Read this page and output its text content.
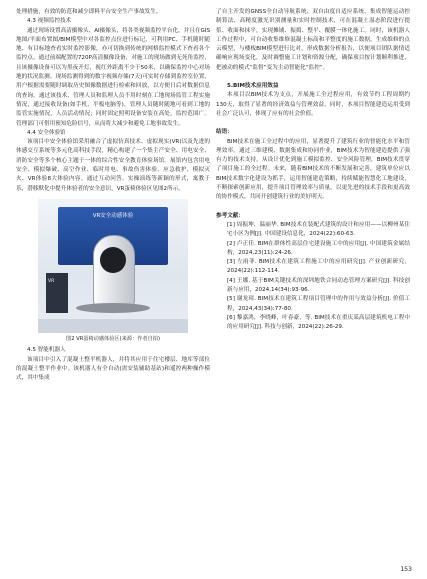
处理措施，有效的防范和减少即料平台安全生产事故发生。

4.3 视频监控技术

通过现场设置高清摄像头、AI摄像头，将各类视频监控平台化，并且在GIS地图/平面布置图/BIM模型中对各监控点位进行标记，可利用PC、手机随时随地、有目标地查看实时监控影像，亦可切换到传统的网格监控模式下查看各个监控点。通过前端配置的720P高清摄像设备，对施工的现场做到无死角监控，且该摄像设备可以为黑夜开灯，视红外距离不少于50米，以确保监控中心对场地的状况监测。现场监测得到的数字视频存储(7天)可实时存储到监控室位置，用户根据需要随时调取历史图像数据进行检索和回放，以方便日后对数据信息的查询。通过该技术，管理人员和监理人员不用时刻在工地现场监管工程实施情况，通过接收设备(如手机、平板电脑等)，管理人员随时随地可看到工地的监管实施情况，人员活动情况；同时固定照明设备安装在高处，监控范围广。管理部门可借用预知危险信号，从而将大减少和避免工地事故发生。

4.4 安全体验馆

该项目中安全体验馆采用融合了虚拟仿真技术、虚拟现实(VR)以及先进的体感交互系统等多元化高科技手段，精心构建了一个集主产安全、用电安全、消防安全等多个核心主题于一体的综合性安全教育体验场馆。展馆内包含用电安全、模拟爆破、高空作业、临时用电、事故伤害体验、应急救护、模拟灭火、VR体验8大体验内容。通过互动问答、实操演练等新颖的形式，寓教于乐，潜移默化中提升体验者的安全意识，VR蛋椅体验区见图2所示。

VR安全动感体验
VR

图2 VR蛋椅动感体验区(来源：作者自拍)

4.5 智能机器人

该项目中引入了混凝土整平机器人，并将其应用于住宅楼层、地库等部位的混凝土整平作业中。该机器人有全自动(需安装辅助基站)和遥控两种操作模式，其中集成

了自主开发的GNSS全自动导航系统、双自由度自适应系统、集成智能运动控制算法、高精度激光识别测量和实时控制技术，可在混凝土湿态阶段进行提浆、收面和抹平，实现摊铺、振捣、整平、覆膜一体化施工。同时，该机器人工作过程中，可自动收集维修混凝土标高和平整度的施工数据，生成维修的点云模型，与楼板BIM模型进行比对，形成数据分析报告，以便项目团队据情适确响应现场变化，及时调整施工计划和资源分配，确保项目按计划顺利推进，把被动的模式“监督”变为主动智能化“监控”。

5.BIM技术应用效益

本项目以BIM技术为支点，开展施工全过程应用，有效节约工程周期约130天，取得了显著的经济效益与管理效益。同时，本项目智能建造运用受到社会广泛认可，体现了应有的社会价值。

结语：

BIM技术在施工全过程中的应用，显著提升了建筑行业的智能化水平和管理效率。通过三维建模、数据集成和协同作业，BIM技术为智能建造提供了强有力的技术支持。从设计优化到施工模拟监控、安全风险管理，BIM技术贯穿了项目施工的全过程。未来，随着BIM技术的不断发展和完善，建筑单位应以BIM技术数字化建设为抓手，运用智能建造策略，持续赋能智慧化工地建设，不断探索创新应用，提升项目管理效率与质量，以更先进的技术手段和更高效的协作模式，共同开创建筑行业的美好明天。

参考文献：

[1] 周振坤，温丽华. BIM技术在装配式建筑的设计和应用——以柳州某住宅小区为例[J]. 中国建设信息化，2024(22):60-63.

[2] 卢正佳. BIM在群体性高层住宅建设施工中的应用[J]. 中国建筑金属结构，2024,23(11):24-26.

[3] 左雨菲. BIM技术在建筑工程施工中的应用研究[J]. 产业创新研究，2024(22):112-114.

[4] 王娜. 基于BIM关键技术的深圳地铁合同动态管理方案研究[J]. 科技创新与应用，2024,14(34):93-96.

[5] 谢龙璋. BIM技术在建筑工程项目管理中的作用与效益分析[J]. 价值工程，2024,43(34):77-80.

[6] 黎嘉鸿，李晓峰，叶春豪，等. BIM技术在重庆某高层建筑机电工程中的应用研究[J]. 科技与创新，2024(22):26-29.

153
